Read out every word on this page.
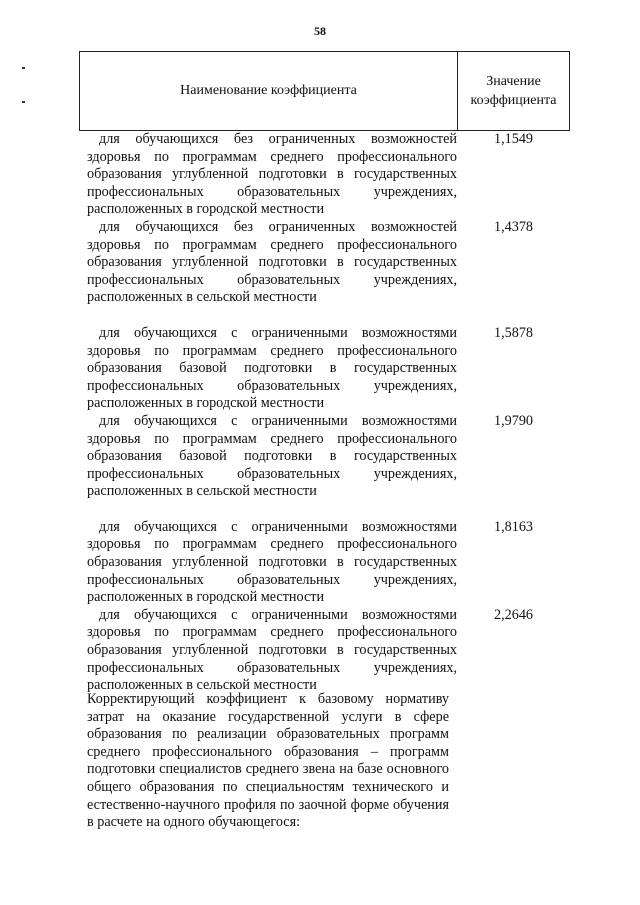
58
Наименование коэффициента
Значение коэффициента
для обучающихся без ограниченных возможностей здоровья по программам среднего профессионального образования углубленной подготовки в государственных профессиональных образовательных учреждениях, расположенных в городской местности
1,1549
для обучающихся без ограниченных возможностей здоровья по программам среднего профессионального образования углубленной подготовки в государственных профессиональных образовательных учреждениях, расположенных в сельской местности
1,4378
для обучающихся с ограниченными возможностями здоровья по программам среднего профессионального образования базовой подготовки в государственных профессиональных образовательных учреждениях, расположенных в городской местности
1,5878
для обучающихся с ограниченными возможностями здоровья по программам среднего профессионального образования базовой подготовки в государственных профессиональных образовательных учреждениях, расположенных в сельской местности
1,9790
для обучающихся с ограниченными возможностями здоровья по программам среднего профессионального образования углубленной подготовки в государственных профессиональных образовательных учреждениях, расположенных в городской местности
1,8163
для обучающихся с ограниченными возможностями здоровья по программам среднего профессионального образования углубленной подготовки в государственных профессиональных образовательных учреждениях, расположенных в сельской местности
2,2646
Корректирующий коэффициент к базовому нормативу затрат на оказание государственной услуги в сфере образования по реализации образовательных программ среднего профессионального образования – программ подготовки специалистов среднего звена на базе основного общего образования по специальностям технического и естественно-научного профиля по заочной форме обучения в расчете на одного обучающегося:
